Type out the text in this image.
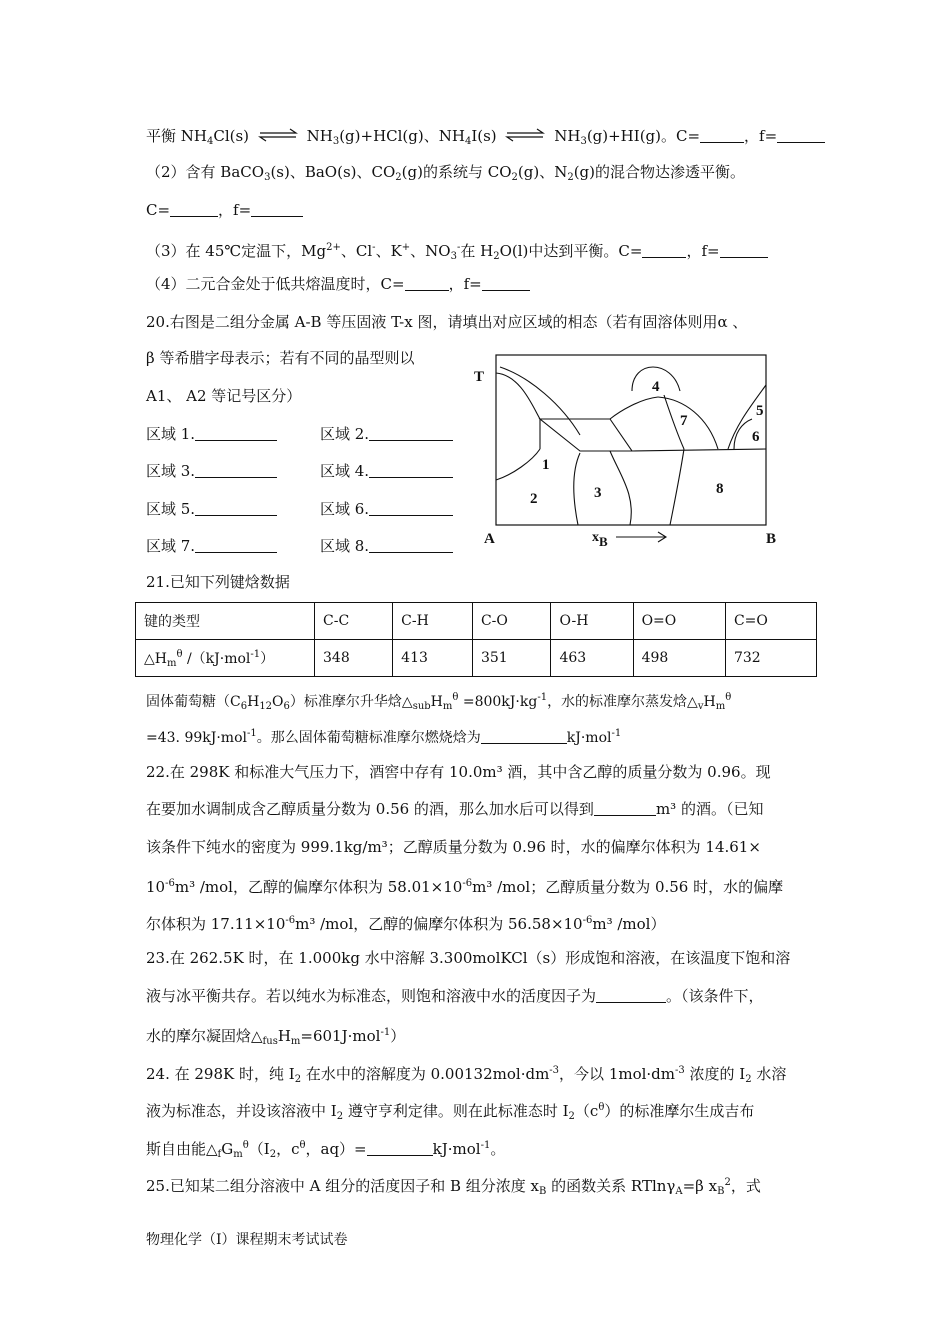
平衡 $NH_4Cl(s)$ ⇌ $NH_3(g)+HCl(g)$、$NH_4I(s)$ ⇌ $NH_3(g)+HI(g)$。C=	，f=
（2）含有 BaCO$_3$(s)、BaO(s)、$CO_2(g)$的系统与 $CO_2(g)$、$N_2(g)$的混合物达渗透平衡。
C=	，f=
（3）在 45℃定温下，$Mg^{2+}$、Cl-、K+、$NO_3^-$在 $H_2O(l)$中达到平衡。C=	，f=
（4）二元合金处于低共熔温度时，C=	，f=
20.右图是二组分金属 A-B 等压固液 T-x 图，请填出对应区域的相态（若有固溶体则用α 、
β 等希腊字母表示；若有不同的晶型则以
A1、 A2 等记号区分）
区域 1.	区域 2.
区域 3.	区域 4.
区域 5.	区域 6.
区域 7.	区域 8.
T
A	B
1
2	3
4
5
6
7
8
xB
21.已知下列键焓数据
键的类型	C-C	C-H	C-O	O-H	O=O	C=O
$\triangle H_m^\theta$ /（kJ·mol$^{-1}$）	348	413	351	463	498	732
固体葡萄糖$(C_6H_{12}O_6)$标准摩尔升华焓$\triangle_{sub}H_m^\theta =800kJ\cdot kg^{-1}$，水的标准摩尔蒸发焓$\triangle_vH_m^\theta$
=43. 99kJ·mol$^{-1}$。那么固体葡萄糖标准摩尔燃烧焓为	kJ·mol$^{-1}$
22.在 298K 和标准大气压力下，酒窖中存有 10.0m³ 酒，其中含乙醇的质量分数为 0.96。现
在要加水调制成含乙醇质量分数为 0.56 的酒，那么加水后可以得到	m³ 的酒。（已知
该条件下纯水的密度为 999.1kg/m³；乙醇质量分数为 0.96 时，水的偏摩尔体积为 14.61×
$10^{-6}m^3$ /mol，乙醇的偏摩尔体积为 $58.01\times 10^{-6}m^3$ /mol；乙醇质量分数为 0.56 时，水的偏摩
尔体积为 $17.11\times 10^{-6}m^3$ /mol，乙醇的偏摩尔体积为 $56.58\times 10^{-6}m^3$ /mol）
23.在 262.5K 时，在 1.000kg 水中溶解 3.300molKCl（s）形成饱和溶液，在该温度下饱和溶
液与冰平衡共存。若以纯水为标准态，则饱和溶液中水的活度因子为	。（该条件下，
水的摩尔凝固焓$\triangle_{fus}H_m=601J\cdot mol^{-1}$）
24. 在 298K 时，纯 $I_2$ 在水中的溶解度为 $0.00132mol\cdot dm^{-3}$，今以 $1mol\cdot dm^{-3}$ 浓度的 $I_2$ 水溶
液为标准态，并设该溶液中 $I_2$ 遵守亨利定律。则在此标准态时 $I_2(c^\theta)$的标准摩尔生成吉布
斯自由能$\triangle_fG_m^\theta(I_2$，$c^\theta$，aq）=	kJ·mol$^{-1}$。
25.已知某二组分溶液中 A 组分的活度因子和 B 组分浓度 $x_B$ 的函数关系 RTlnγ$_A$=β $x_B^2$，式
物理化学（Ⅰ）课程期末考试试卷
